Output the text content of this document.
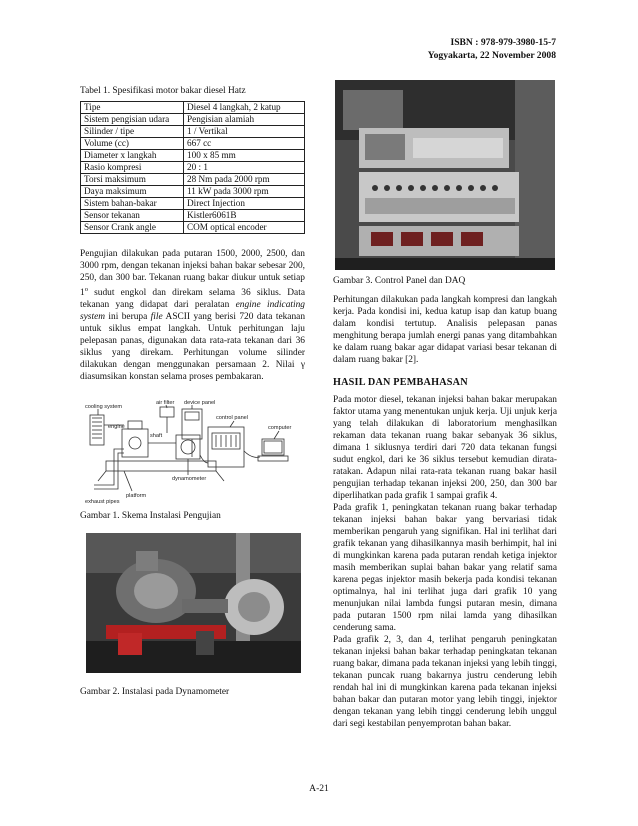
ISBN : 978-979-3980-15-7
Yogyakarta, 22 November 2008
Tabel 1. Spesifikasi motor bakar diesel Hatz
Tipe	Diesel 4 langkah, 2 katup
Sistem pengisian udara	Pengisian alamiah
Silinder / tipe	1 / Vertikal
Volume (cc)	667 cc
Diameter x langkah	100 x 85 mm
Rasio kompresi	20 : 1
Torsi maksimum	28 Nm pada 2000 rpm
Daya maksimum	11 kW pada 3000 rpm
Sistem bahan-bakar	Direct Injection
Sensor tekanan	Kistler6061B
Sensor Crank angle	COM optical encoder

Pengujian dilakukan pada putaran 1500, 2000, 2500, dan 3000 rpm, dengan tekanan injeksi bahan bakar sebesar 200, 250, dan 300 bar. Tekanan ruang bakar diukur untuk setiap 1$^o$ sudut engkol dan direkam selama 36 siklus. Data tekanan yang didapat dari peralatan engine indicating system ini berupa file ASCII yang berisi 720 data tekanan untuk siklus empat langkah. Untuk perhitungan laju pelepasan panas, digunakan data rata-rata tekanan dari 36 siklus yang direkam. Perhitungan volume silinder dilakukan dengan menggunakan persamaan 2. Nilai γ diasumsikan konstan selama proses pembakaran.

air filter
cooling system
device panel
control panel
engine
shaft
computer
dynamometer
platform
exhaust pipes
Gambar 1. Skema Instalasi Pengujian
Gambar 2. Instalasi pada Dynamometer
Gambar 3. Control Panel dan DAQ

Perhitungan dilakukan pada langkah kompresi dan langkah kerja. Pada kondisi ini, kedua katup isap dan katup buang dalam kondisi tertutup. Analisis pelepasan panas menghitung berapa jumlah energi panas yang ditambahkan ke dalam ruang bakar agar didapat variasi besar tekanan di dalam ruang bakar [2].

HASIL DAN PEMBAHASAN

Pada motor diesel, tekanan injeksi bahan bakar merupakan faktor utama yang menentukan unjuk kerja. Uji unjuk kerja yang telah dilakukan di laboratorium menghasilkan rekaman data tekanan ruang bakar sebanyak 36 siklus, dimana 1 siklusnya terdiri dari 720 data tekanan fungsi sudut engkol, dari ke 36 siklus tersebut kemudian dirata-ratakan. Adapun nilai rata-rata tekanan ruang bakar hasil pengujian terhadap tekanan injeksi 200, 250, dan 300 bar diperlihatkan pada grafik 1 sampai grafik 4.

Pada grafik 1, peningkatan tekanan ruang bakar terhadap tekanan injeksi bahan bakar yang bervariasi tidak memberikan pengaruh yang signifikan. Hal ini terlihat dari grafik tekanan yang dihasilkannya masih berhimpit, hal ini di mungkinkan karena pada putaran rendah ketiga injektor masih memberikan suplai bahan bakar yang relatif sama karena pegas injektor masih bekerja pada kondisi tekanan optimalnya, hal ini terlihat juga dari grafik 10 yang menunjukan nilai lambda fungsi putaran mesin, dimana pada putaran 1500 rpm nilai lamda yang dihasilkan cenderung sama.

Pada grafik 2, 3, dan 4, terlihat pengaruh peningkatan tekanan injeksi bahan bakar terhadap peningkatan tekanan ruang bakar, dimana pada tekanan injeksi yang lebih tinggi, tekanan puncak ruang bakarnya justru cenderung lebih rendah hal ini di mungkinkan karena pada tekanan injeksi bahan bakar dan putaran motor yang lebih tinggi, injektor dengan tekanan yang lebih tinggi cenderung lebih unggul dari segi kestabilan penyemprotan bahan bakar.

A-21
